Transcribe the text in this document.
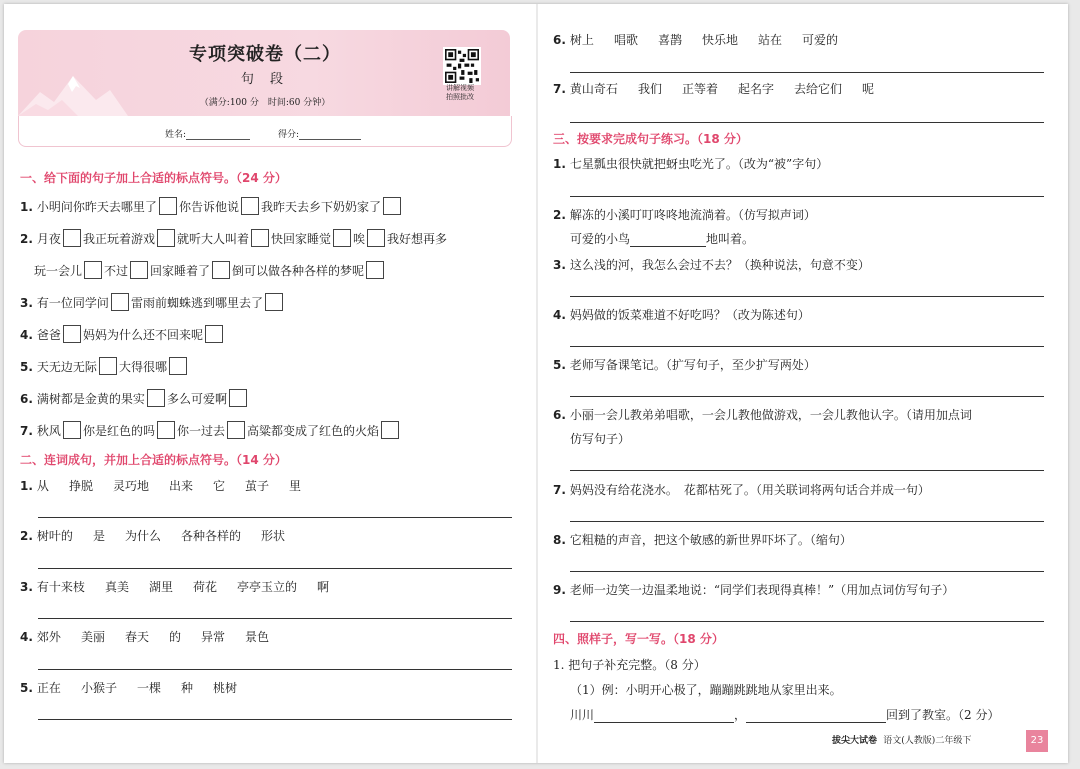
专项突破卷（二）
句 段
（满分:100 分　时间:60 分钟）
讲解视频
拍照批改
姓名:	得分:
一、给下面的句子加上合适的标点符号。（24 分）
1. 小明问你昨天去哪里了 你告诉他说 我昨天去乡下奶奶家了
2. 月夜 我正玩着游戏 就听大人叫着 快回家睡觉 唉 我好想再多
玩一会儿 不过 回家睡着了 倒可以做各种各样的梦呢
3. 有一位同学问 雷雨前蜘蛛逃到哪里去了
4. 爸爸 妈妈为什么还不回来呢
5. 天无边无际 大得很哪
6. 满树都是金黄的果实 多么可爱啊
7. 秋风 你是红色的吗 你一过去 高粱都变成了红色的火焰
二、连词成句，并加上合适的标点符号。（14 分）
1. 从 挣脱 灵巧地 出来 它 茧子 里
2. 树叶的 是 为什么 各种各样的 形状
3. 有十来枝 真美 湖里 荷花 亭亭玉立的 啊
4. 郊外 美丽 春天 的 异常 景色
5. 正在 小猴子 一棵 种 桃树
6. 树上 唱歌 喜鹊 快乐地 站在 可爱的
7. 黄山奇石 我们 正等着 起名字 去给它们 呢
三、按要求完成句子练习。（18 分）
1. 七星瓢虫很快就把蚜虫吃光了。（改为“被”字句）
2. 解冻的小溪叮叮咚咚地流淌着。（仿写拟声词）
可爱的小鸟	地叫着。
3. 这么浅的河，我怎么会过不去？（换种说法，句意不变）
4. 妈妈做的饭菜难道不好吃吗？（改为陈述句）
5. 老师写备课笔记。（扩写句子，至少扩写两处）
6. 小丽一会儿教弟弟唱歌，一会儿教他做游戏，一会儿教他认字。（请用加点词
仿写句子）
7. 妈妈没有给花浇水。　花都枯死了。（用关联词将两句话合并成一句）
8. 它粗糙的声音，把这个敏感的新世界吓坏了。（缩句）
9. 老师一边笑一边温柔地说：“同学们表现得真棒！”（用加点词仿写句子）
四、照样子，写一写。（18 分）
1. 把句子补充完整。（8 分）
（1）例：小明开心极了，蹦蹦跳跳地从家里出来。
川川	，	回到了教室。（2 分）
拔尖大试卷 语文(人教版)二年级下	23
